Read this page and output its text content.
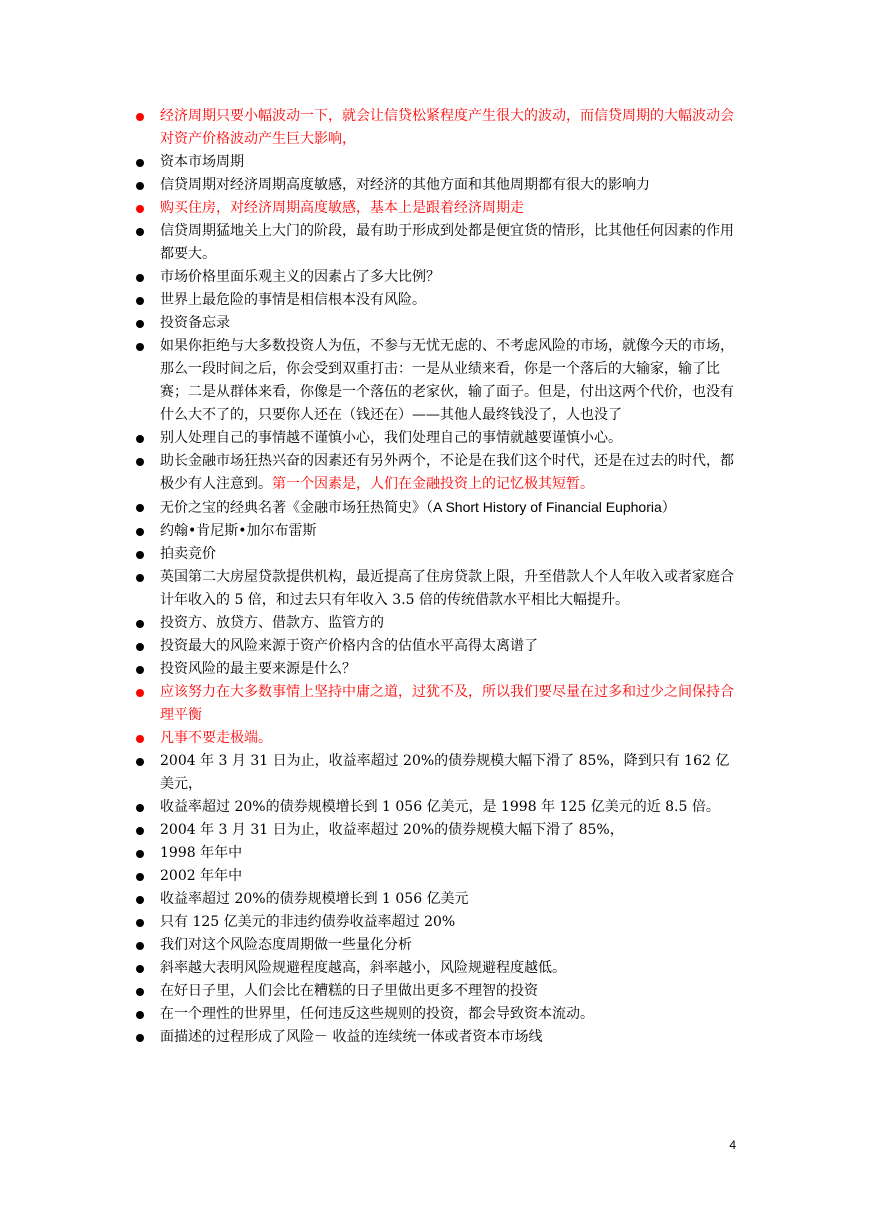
经济周期只要小幅波动一下，就会让信贷松紧程度产生很大的波动，而信贷周期的大幅波动会对资产价格波动产生巨大影响，
资本市场周期
信贷周期对经济周期高度敏感，对经济的其他方面和其他周期都有很大的影响力
购买住房，对经济周期高度敏感，基本上是跟着经济周期走
信贷周期猛地关上大门的阶段，最有助于形成到处都是便宜货的情形，比其他任何因素的作用都要大。
市场价格里面乐观主义的因素占了多大比例？
世界上最危险的事情是相信根本没有风险。
投资备忘录
如果你拒绝与大多数投资人为伍，不参与无忧无虑的、不考虑风险的市场，就像今天的市场，那么一段时间之后，你会受到双重打击：一是从业绩来看，你是一个落后的大输家，输了比赛；二是从群体来看，你像是一个落伍的老家伙，输了面子。但是，付出这两个代价，也没有什么大不了的，只要你人还在（钱还在）——其他人最终钱没了，人也没了
别人处理自己的事情越不谨慎小心，我们处理自己的事情就越要谨慎小心。
助长金融市场狂热兴奋的因素还有另外两个，不论是在我们这个时代，还是在过去的时代，都极少有人注意到。第一个因素是，人们在金融投资上的记忆极其短暂。
无价之宝的经典名著《金融市场狂热简史》（A Short History of Financial Euphoria）
约翰•肯尼斯•加尔布雷斯
拍卖竞价
英国第二大房屋贷款提供机构，最近提高了住房贷款上限，升至借款人个人年收入或者家庭合计年收入的 5 倍，和过去只有年收入 3.5 倍的传统借款水平相比大幅提升。
投资方、放贷方、借款方、监管方的
投资最大的风险来源于资产价格内含的估值水平高得太离谱了
投资风险的最主要来源是什么？
应该努力在大多数事情上坚持中庸之道，过犹不及，所以我们要尽量在过多和过少之间保持合理平衡
凡事不要走极端。
2004 年 3 月 31 日为止，收益率超过 20%的债券规模大幅下滑了 85%，降到只有 162 亿美元，
收益率超过 20%的债券规模增长到 1 056 亿美元，是 1998 年 125 亿美元的近 8.5 倍。
2004 年 3 月 31 日为止，收益率超过 20%的债券规模大幅下滑了 85%，
1998 年年中
2002 年年中
收益率超过 20%的债券规模增长到 1 056 亿美元
只有 125 亿美元的非违约债券收益率超过 20%
我们对这个风险态度周期做一些量化分析
斜率越大表明风险规避程度越高，斜率越小，风险规避程度越低。
在好日子里，人们会比在糟糕的日子里做出更多不理智的投资
在一个理性的世界里，任何违反这些规则的投资，都会导致资本流动。
面描述的过程形成了风险－ 收益的连续统一体或者资本市场线
4
